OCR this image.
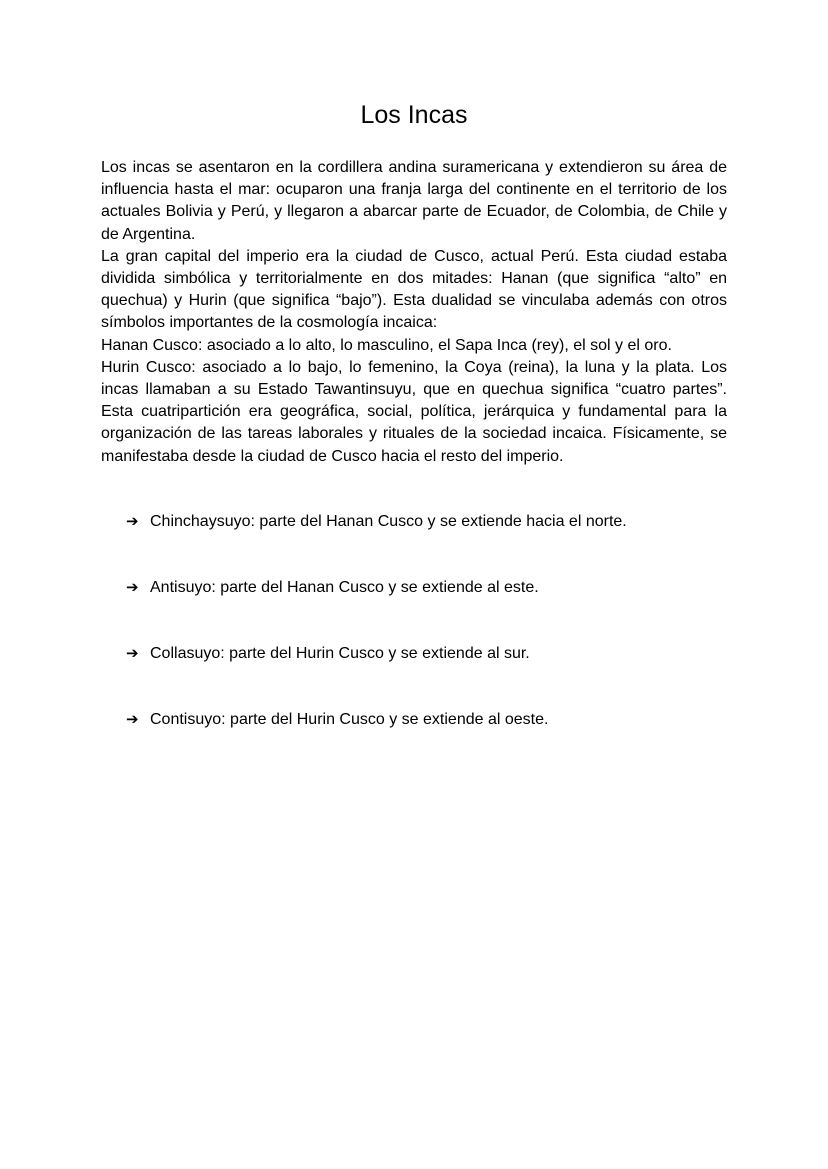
Los Incas

Los incas se asentaron en la cordillera andina suramericana y extendieron su área de influencia hasta el mar: ocuparon una franja larga del continente en el territorio de los actuales Bolivia y Perú, y llegaron a abarcar parte de Ecuador, de Colombia, de Chile y de Argentina.

La gran capital del imperio era la ciudad de Cusco, actual Perú. Esta ciudad estaba dividida simbólica y territorialmente en dos mitades: Hanan (que significa “alto” en quechua) y Hurin (que significa “bajo”). Esta dualidad se vinculaba además con otros símbolos importantes de la cosmología incaica:

Hanan Cusco: asociado a lo alto, lo masculino, el Sapa Inca (rey), el sol y el oro.

Hurin Cusco: asociado a lo bajo, lo femenino, la Coya (reina), la luna y la plata. Los incas llamaban a su Estado Tawantinsuyu, que en quechua significa “cuatro partes”. Esta cuatripartición era geográfica, social, política, jerárquica y fundamental para la organización de las tareas laborales y rituales de la sociedad incaica. Físicamente, se manifestaba desde la ciudad de Cusco hacia el resto del imperio.

➔ Chinchaysuyo: parte del Hanan Cusco y se extiende hacia el norte.
➔ Antisuyo: parte del Hanan Cusco y se extiende al este.
➔ Collasuyo: parte del Hurin Cusco y se extiende al sur.
➔ Contisuyo: parte del Hurin Cusco y se extiende al oeste.
